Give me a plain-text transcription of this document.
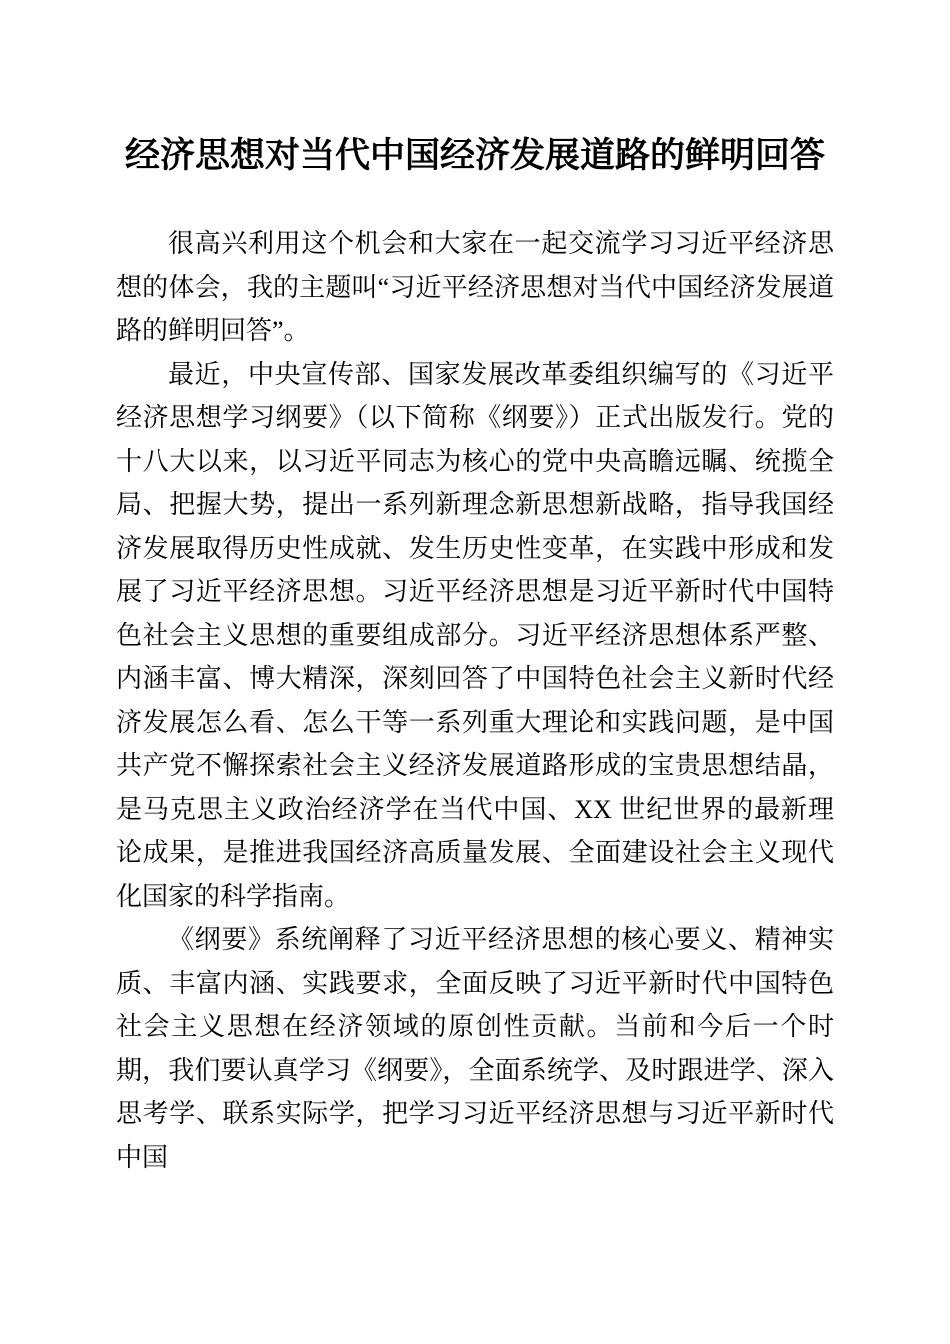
经济思想对当代中国经济发展道路的鲜明回答

很高兴利用这个机会和大家在一起交流学习习近平经济思想的体会，我的主题叫“习近平经济思想对当代中国经济发展道路的鲜明回答”。

最近，中央宣传部、国家发展改革委组织编写的《习近平经济思想学习纲要》（以下简称《纲要》）正式出版发行。党的十八大以来，以习近平同志为核心的党中央高瞻远瞩、统揽全局、把握大势，提出一系列新理念新思想新战略，指导我国经济发展取得历史性成就、发生历史性变革，在实践中形成和发展了习近平经济思想。习近平经济思想是习近平新时代中国特色社会主义思想的重要组成部分。习近平经济思想体系严整、内涵丰富、博大精深，深刻回答了中国特色社会主义新时代经济发展怎么看、怎么干等一系列重大理论和实践问题，是中国共产党不懈探索社会主义经济发展道路形成的宝贵思想结晶，是马克思主义政治经济学在当代中国、XX 世纪世界的最新理论成果，是推进我国经济高质量发展、全面建设社会主义现代化国家的科学指南。

《纲要》系统阐释了习近平经济思想的核心要义、精神实质、丰富内涵、实践要求，全面反映了习近平新时代中国特色社会主义思想在经济领域的原创性贡献。当前和今后一个时期，我们要认真学习《纲要》，全面系统学、及时跟进学、深入思考学、联系实际学，把学习习近平经济思想与习近平新时代中国
